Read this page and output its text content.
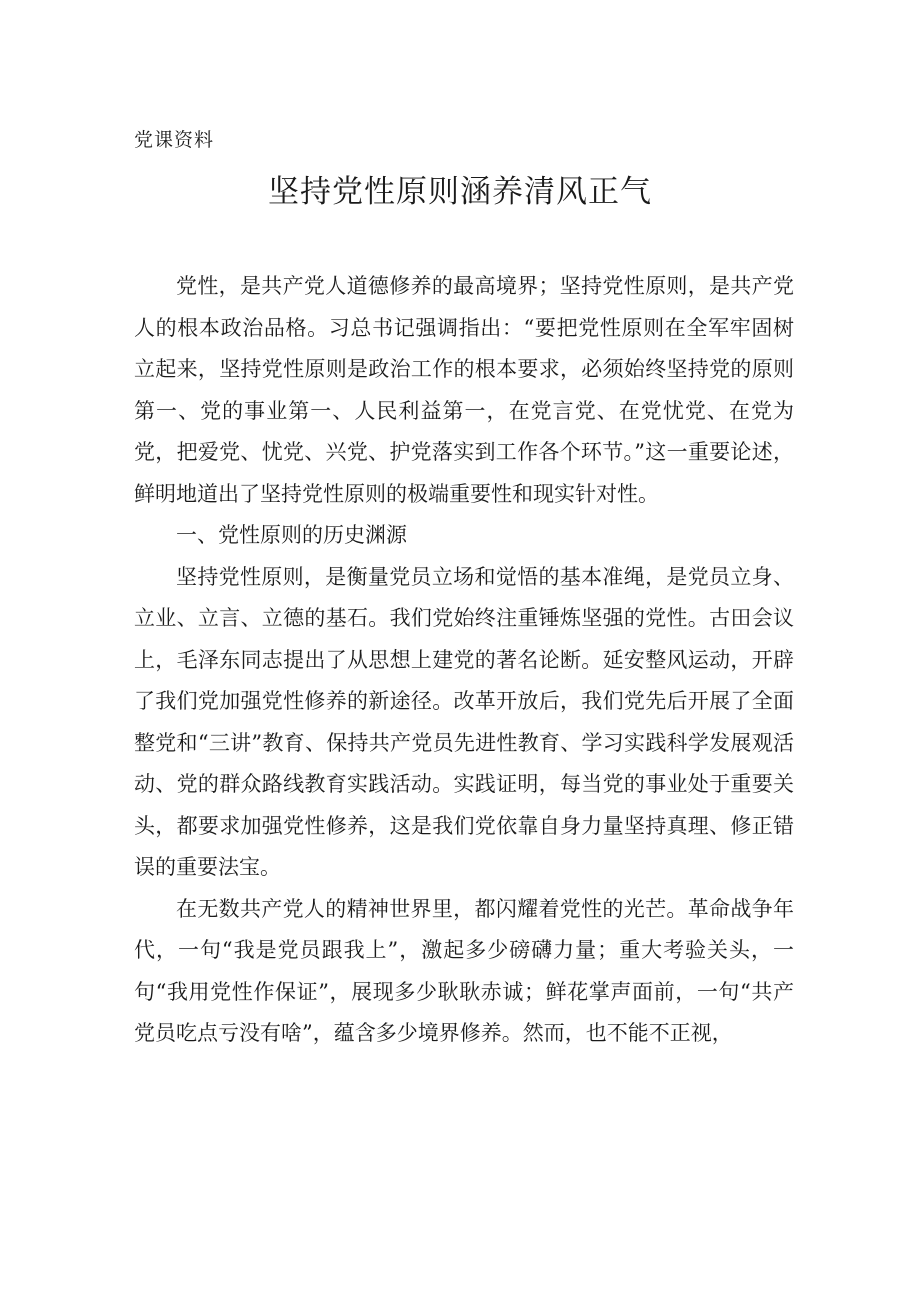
党课资料
坚持党性原则涵养清风正气

党性，是共产党人道德修养的最高境界；坚持党性原则，是共产党人的根本政治品格。习总书记强调指出：“要把党性原则在全军牢固树立起来，坚持党性原则是政治工作的根本要求，必须始终坚持党的原则第一、党的事业第一、人民利益第一，在党言党、在党忧党、在党为党，把爱党、忧党、兴党、护党落实到工作各个环节。”这一重要论述，鲜明地道出了坚持党性原则的极端重要性和现实针对性。

一、党性原则的历史渊源

坚持党性原则，是衡量党员立场和觉悟的基本准绳，是党员立身、立业、立言、立德的基石。我们党始终注重锤炼坚强的党性。古田会议上，毛泽东同志提出了从思想上建党的著名论断。延安整风运动，开辟了我们党加强党性修养的新途径。改革开放后，我们党先后开展了全面整党和“三讲”教育、保持共产党员先进性教育、学习实践科学发展观活动、党的群众路线教育实践活动。实践证明，每当党的事业处于重要关头，都要求加强党性修养，这是我们党依靠自身力量坚持真理、修正错误的重要法宝。

在无数共产党人的精神世界里，都闪耀着党性的光芒。革命战争年代，一句“我是党员跟我上”，激起多少磅礴力量；重大考验关头，一句“我用党性作保证”，展现多少耿耿赤诚；鲜花掌声面前，一句“共产党员吃点亏没有啥”，蕴含多少境界修养。然而，也不能不正视，
